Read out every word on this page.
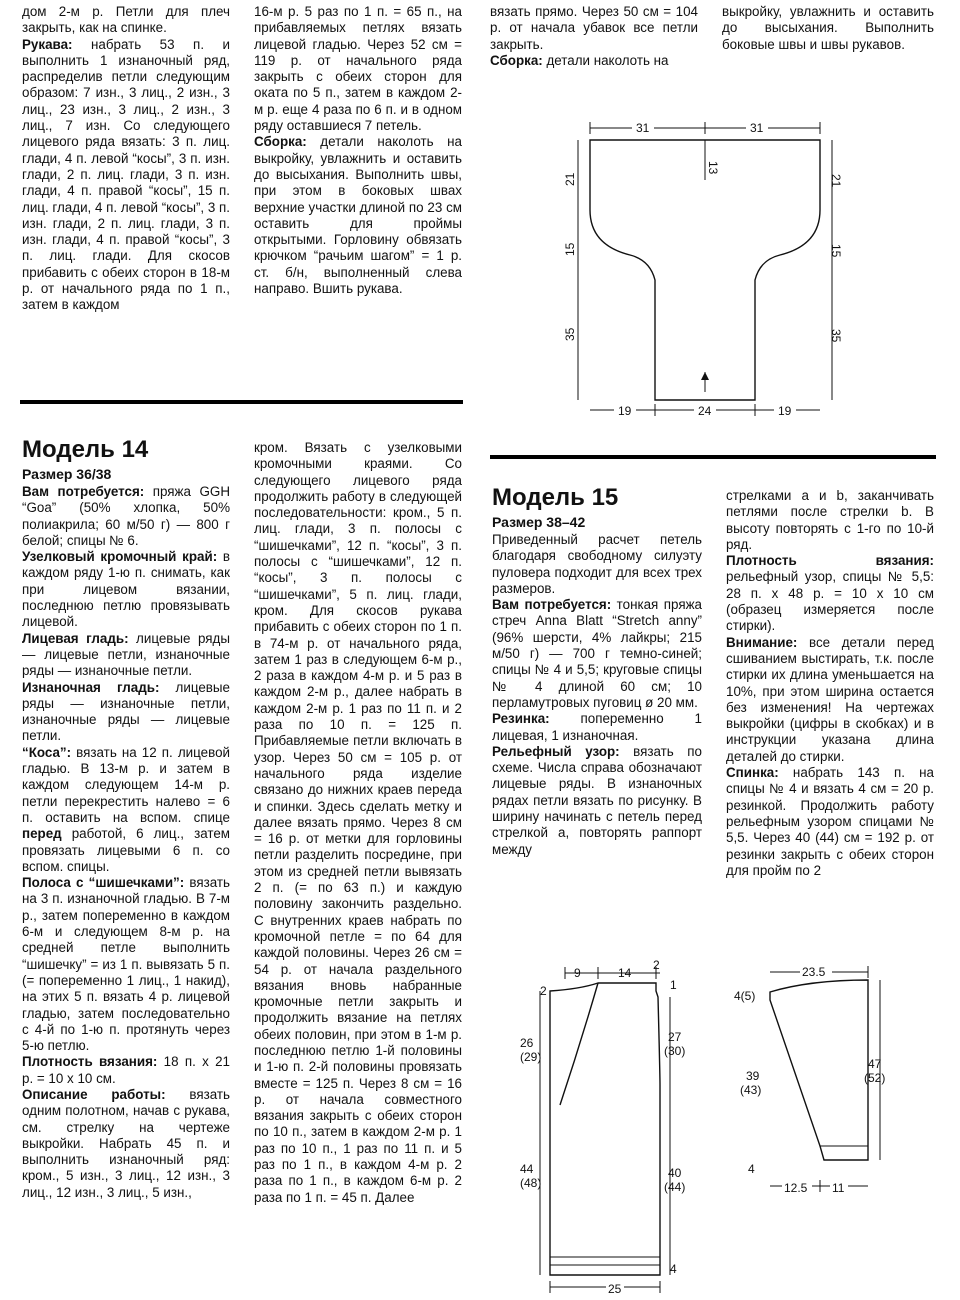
дом 2-м р. Петли для плеч закрыть, как на спинке.

Рукава: набрать 53 п. и выполнить 1 изнаночный ряд, распределив петли следующим образом: 7 изн., 3 лиц., 2 изн., 3 лиц., 23 изн., 3 лиц., 2 изн., 3 лиц., 7 изн. Со следующего лицевого ряда вязать: 3 п. лиц. глади, 4 п. левой “косы”, 3 п. изн. глади, 2 п. лиц. глади, 3 п. изн. глади, 4 п. правой “косы”, 15 п. лиц. глади, 4 п. левой “косы”, 3 п. изн. глади, 2 п. лиц. глади, 3 п. изн. глади, 4 п. правой “косы”, 3 п. лиц. глади. Для скосов прибавить с обеих сторон в 18-м р. от начального ряда по 1 п., затем в каждом

16-м р. 5 раз по 1 п. = 65 п., на прибавляемых петлях вязать лицевой гладью. Через 52 см = 119 р. от начального ряда закрыть с обеих сторон для оката по 5 п., затем в каждом 2-м р. еще 4 раза по 6 п. и в одном ряду оставшиеся 7 петель.

Сборка: детали наколоть на выкройку, увлажнить и оставить до высыхания. Выполнить швы, при этом в боковых швах верхние участки длиной по 23 см оставить для проймы открытыми. Горловину обвязать крючком “рачьим шагом” = 1 р. ст. б/н, выполненный слева направо. Вшить рукава.

вязать прямо. Через 50 см = 104 р. от начала убавок все петли закрыть.

Сборка: детали наколоть на

выкройку, увлажнить и оставить до высыхания. Выполнить боковые швы и швы рукавов.

31	31
13
21
15
35
21
15
35
19	24	19

Модель 14

Размер 36/38

Вам потребуется: пряжа GGH “Goa” (50% хлопка, 50% полиакрила; 60 м/50 г) — 800 г белой; спицы № 6.

Узелковый кромочный край: в каждом ряду 1-ю п. снимать, как при лицевом вязании, последнюю петлю провязывать лицевой.

Лицевая гладь: лицевые ряды — лицевые петли, изнаночные ряды — изнаночные петли.

Изнаночная гладь: лицевые ряды — изнаночные петли, изнаночные ряды — лицевые петли.

“Коса”: вязать на 12 п. лицевой гладью. В 13-м р. и затем в каждом следующем 14-м р. петли перекрестить налево = 6 п. оставить на вспом. спице перед работой, 6 лиц., затем провязать лицевыми 6 п. со вспом. спицы.

Полоса с “шишечками”: вязать на 3 п. изнаночной гладью. В 7-м р., затем попеременно в каждом 6-м и следующем 8-м р. на средней петле выполнить “шишечку” = из 1 п. вывязать 5 п. (= попеременно 1 лиц., 1 накид), на этих 5 п. вязать 4 р. лицевой гладью, затем последовательно с 4-й по 1-ю п. протянуть через 5-ю петлю.

Плотность вязания: 18 п. х 21 р. = 10 х 10 см.

Описание работы: вязать одним полотном, начав с рукава, см. стрелку на чертеже выкройки. Набрать 45 п. и выполнить изнаночный ряд: кром., 5 изн., 3 лиц., 12 изн., 3 лиц., 12 изн., 3 лиц., 5 изн.,

кром. Вязать с узелковыми кромочными краями. Со следующего лицевого ряда продолжить работу в следующей последовательности: кром., 5 п. лиц. глади, 3 п. полосы с “шишечками”, 12 п. “косы”, 3 п. полосы с “шишечками”, 12 п. “косы”, 3 п. полосы с “шишечками”, 5 п. лиц. глади, кром. Для скосов рукава прибавить с обеих сторон по 1 п. в 74-м р. от начального ряда, затем 1 раз в следующем 6-м р., 2 раза в каждом 4-м р. и 5 раз в каждом 2-м р., далее набрать в каждом 2-м р. 1 раз по 11 п. и 2 раза по 10 п. = 125 п. Прибавляемые петли включать в узор. Через 50 см = 105 р. от начального ряда изделие связано до нижних краев переда и спинки. Здесь сделать метку и далее вязать прямо. Через 8 см = 16 р. от метки для горловины петли разделить посредине, при этом из средней петли вывязать 2 п. (= по 63 п.) и каждую половину закончить раздельно. С внутренних краев набрать по кромочной петле = по 64 для каждой половины. Через 26 см = 54 р. от начала раздельного вязания вновь набранные кромочные петли закрыть и продолжить вязание на петлях обеих половин, при этом в 1-м р. последнюю петлю 1-й половины и 1-ю п. 2-й половины провязать вместе = 125 п. Через 8 см = 16 р. от начала совместного вязания закрыть с обеих сторон по 10 п., затем в каждом 2-м р. 1 раз по 10 п., 1 раз по 11 п. и 5 раз по 1 п., в каждом 4-м р. 2 раза по 1 п., в каждом 6-м р. 2 раза по 1 п. = 45 п. Далее

Модель 15

Размер 38–42

Приведенный расчет петель благодаря свободному силуэту пуловера подходит для всех трех размеров.

Вам потребуется: тонкая пряжа стреч Anna Blatt “Stretch anny” (96% шерсти, 4% лайкры; 215 м/50 г) — 700 г темно-синей; спицы № 4 и 5,5; круговые спицы № 4 длиной 60 см; 10 перламутровых пуговиц ø 20 мм.

Резинка: попеременно 1 лицевая, 1 изнаночная.

Рельефный узор: вязать по схеме. Числа справа обозначают лицевые ряды. В изнаночных рядах петли вязать по рисунку. В ширину начинать с петель перед стрелкой a, повторять раппорт между

стрелками a и b, заканчивать петлями после стрелки b. В высоту повторять с 1-го по 10-й ряд.

Плотность вязания: рельефный узор, спицы № 5,5: 28 п. х 48 р. = 10 х 10 см (образец измеряется после стирки).

Внимание: все детали перед сшиванием выстирать, т.к. после стирки их длина уменьшается на 10%, при этом ширина остается без изменения! На чертежах выкройки (цифры в скобках) и в инструкции указана длина деталей до стирки.

Спинка: набрать 143 п. на спицы № 4 и вязать 4 см = 20 р. резинкой. Продолжить работу рельефным узором спицами № 5,5. Через 40 (44) см = 192 р. от резинки закрыть с обеих сторон для пройм по 2

9	14
2
2	1
26
(29)
44
(48)
27
(30)
40
(44)
4
25
23.5
4(5)
39
(43)
4
47
(52)
12.5 11
